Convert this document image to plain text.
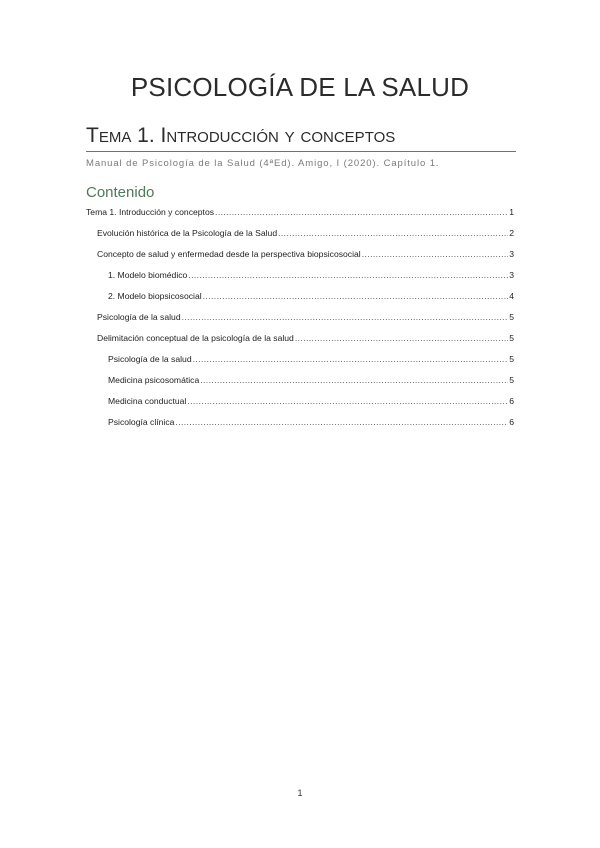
PSICOLOGÍA DE LA SALUD
Tema 1. Introducción y conceptos
Manual de Psicología de la Salud (4ªEd). Amigo, I (2020). Capítulo 1.
Contenido
Tema 1. Introducción y conceptos .....	1
Evolución histórica de la Psicología de la Salud .....	2
Concepto de salud y enfermedad desde la perspectiva biopsicosocial .....	3
1. Modelo biomédico .....	3
2. Modelo biopsicosocial .....	4
Psicología de la salud .....	5
Delimitación conceptual de la psicología de la salud .....	5
Psicología de la salud .....	5
Medicina psicosomática .....	5
Medicina conductual .....	6
Psicología clínica .....	6
1
